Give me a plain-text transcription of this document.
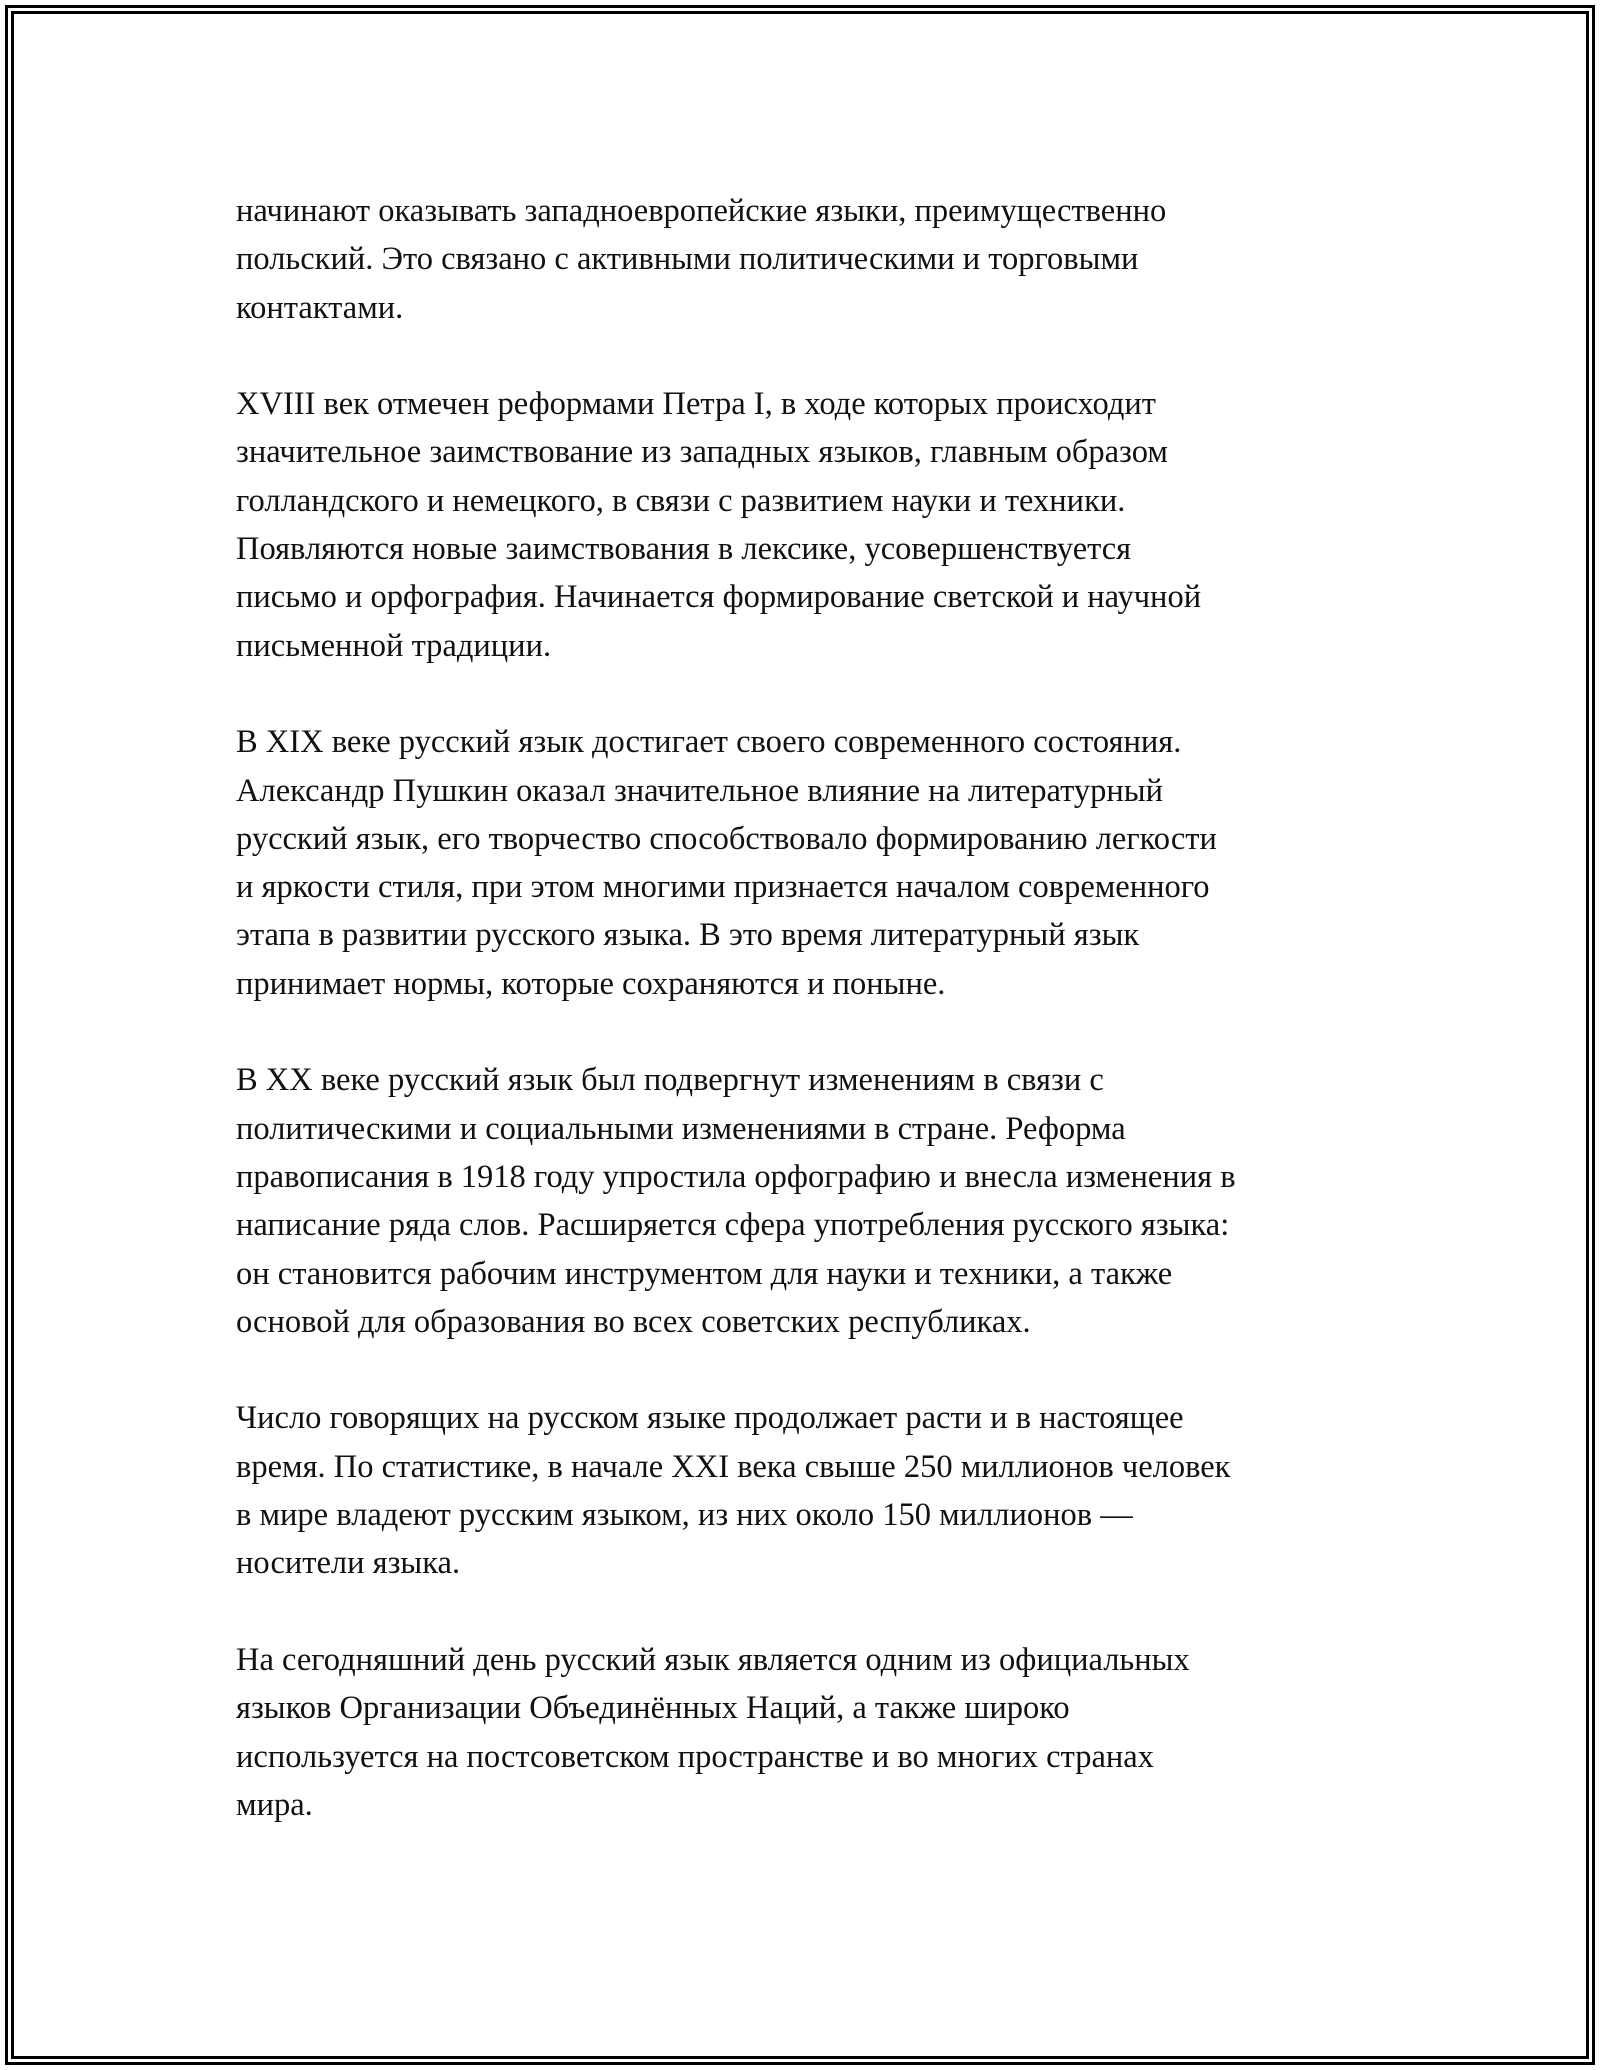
начинают оказывать западноевропейские языки, преимущественно
польский. Это связано с активными политическими и торговыми
контактами.

XVIII век отмечен реформами Петра I, в ходе которых происходит
значительное заимствование из западных языков, главным образом
голландского и немецкого, в связи с развитием науки и техники.
Появляются новые заимствования в лексике, усовершенствуется
письмо и орфография. Начинается формирование светской и научной
письменной традиции.

В XIX веке русский язык достигает своего современного состояния.
Александр Пушкин оказал значительное влияние на литературный
русский язык, его творчество способствовало формированию легкости
и яркости стиля, при этом многими признается началом современного
этапа в развитии русского языка. В это время литературный язык
принимает нормы, которые сохраняются и поныне.

В XX веке русский язык был подвергнут изменениям в связи с
политическими и социальными изменениями в стране. Реформа
правописания в 1918 году упростила орфографию и внесла изменения в
написание ряда слов. Расширяется сфера употребления русского языка:
он становится рабочим инструментом для науки и техники, а также
основой для образования во всех советских республиках.

Число говорящих на русском языке продолжает расти и в настоящее
время. По статистике, в начале XXI века свыше 250 миллионов человек
в мире владеют русским языком, из них около 150 миллионов —
носители языка.

На сегодняшний день русский язык является одним из официальных
языков Организации Объединённых Наций, а также широко
используется на постсоветском пространстве и во многих странах
мира.
